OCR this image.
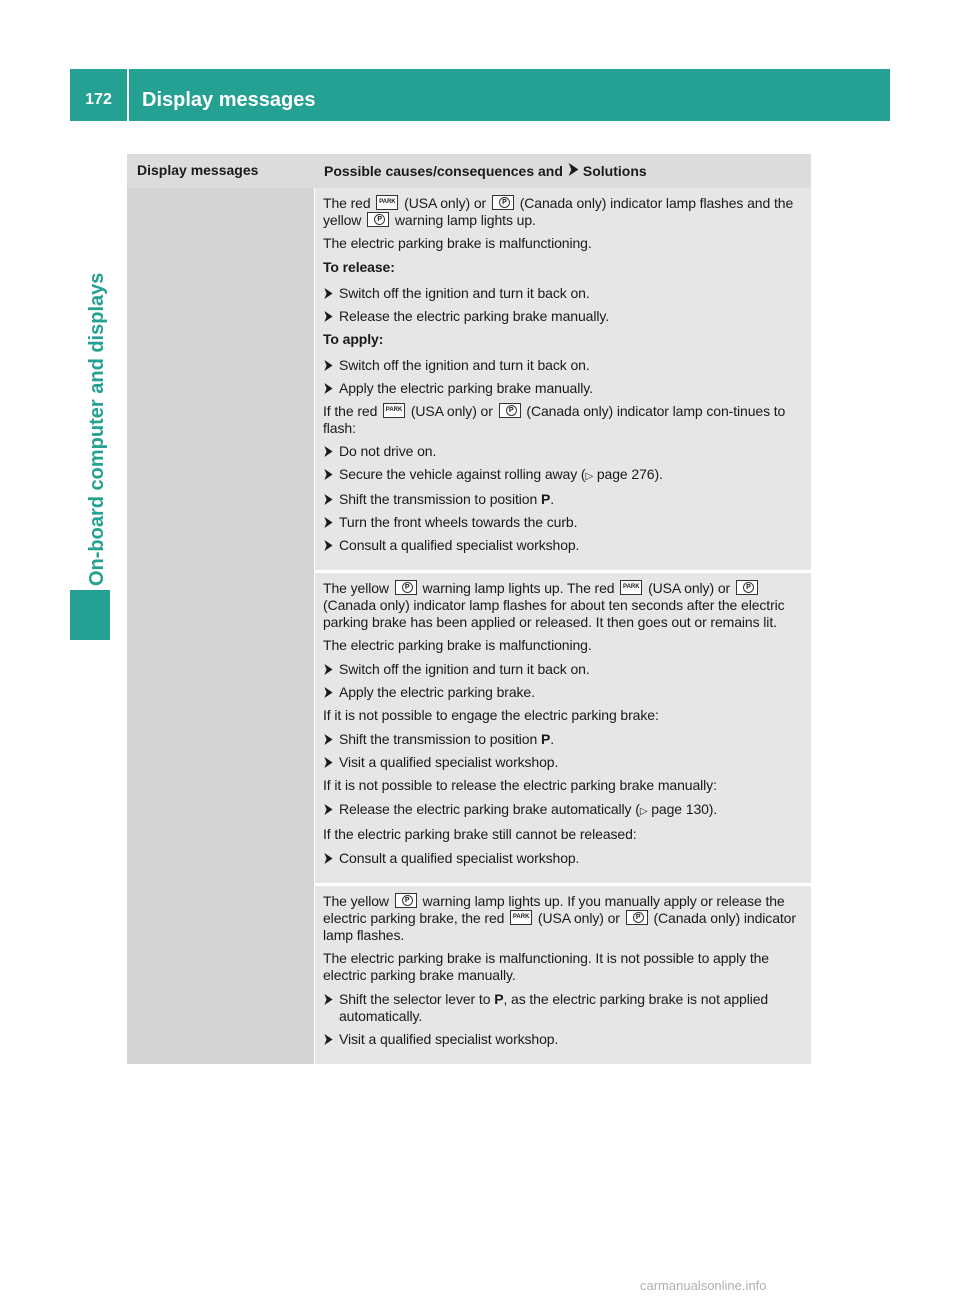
172	Display messages
On-board computer and displays
Display messages	Possible causes/consequences and Solutions

The red PARK (USA only) or P (Canada only) indicator lamp flashes and the yellow P warning lamp lights up.

The electric parking brake is malfunctioning.

To release:

Switch off the ignition and turn it back on.
Release the electric parking brake manually.

To apply:

Switch off the ignition and turn it back on.
Apply the electric parking brake manually.

If the red PARK (USA only) or P (Canada only) indicator lamp con-tinues to flash:

Do not drive on.
Secure the vehicle against rolling away (▷ page 276).
Shift the transmission to position P.
Turn the front wheels towards the curb.
Consult a qualified specialist workshop.

The yellow P warning lamp lights up. The red PARK (USA only) or P (Canada only) indicator lamp flashes for about ten seconds after the electric parking brake has been applied or released. It then goes out or remains lit.

The electric parking brake is malfunctioning.

Switch off the ignition and turn it back on.
Apply the electric parking brake.

If it is not possible to engage the electric parking brake:

Shift the transmission to position P.
Visit a qualified specialist workshop.

If it is not possible to release the electric parking brake manually:

Release the electric parking brake automatically (▷ page 130).

If the electric parking brake still cannot be released:

Consult a qualified specialist workshop.

The yellow P warning lamp lights up. If you manually apply or release the electric parking brake, the red PARK (USA only) or P (Canada only) indicator lamp flashes.

The electric parking brake is malfunctioning. It is not possible to apply the electric parking brake manually.

Shift the selector lever to P, as the electric parking brake is not applied automatically.
Visit a qualified specialist workshop.
carmanualsonline.info
